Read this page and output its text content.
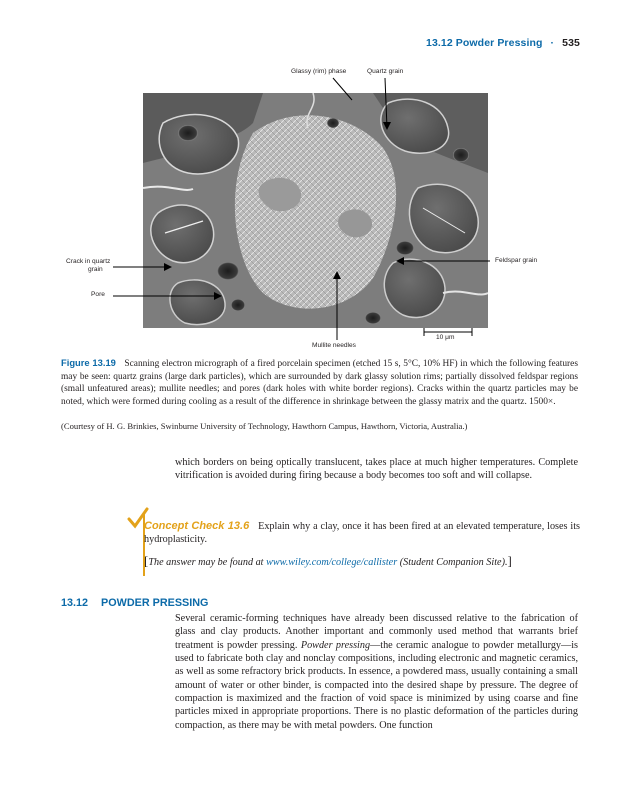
13.12 Powder Pressing · 535
Glassy (rim) phase	Quartz grain
Feldspar grain
Crack in quartz
grain
Pore
Mullite needles
10 μm
Figure 13.19 Scanning electron micrograph of a fired porcelain specimen (etched 15 s, 5°C, 10% HF) in which the following features may be seen: quartz grains (large dark particles), which are surrounded by dark glassy solution rims; partially dissolved feldspar regions (small unfeatured areas); mullite needles; and pores (dark holes with white border regions). Cracks within the quartz particles may be noted, which were formed during cooling as a result of the difference in shrinkage between the glassy matrix and the quartz. 1500×.
(Courtesy of H. G. Brinkies, Swinburne University of Technology, Hawthorn Campus, Hawthorn, Victoria, Australia.)
which borders on being optically translucent, takes place at much higher temperatures. Complete vitrification is avoided during firing because a body becomes too soft and will collapse.
Concept Check 13.6 Explain why a clay, once it has been fired at an elevated temperature, loses its hydroplasticity.
[The answer may be found at www.wiley.com/college/callister (Student Companion Site).]
13.12 POWDER PRESSING
Several ceramic-forming techniques have already been discussed relative to the fabrication of glass and clay products. Another important and commonly used method that warrants brief treatment is powder pressing. Powder pressing—the ceramic analogue to powder metallurgy—is used to fabricate both clay and nonclay compositions, including electronic and magnetic ceramics, as well as some refractory brick products. In essence, a powdered mass, usually containing a small amount of water or other binder, is compacted into the desired shape by pressure. The degree of compaction is maximized and the fraction of void space is minimized by using coarse and fine particles mixed in appropriate proportions. There is no plastic deformation of the particles during compaction, as there may be with metal powders. One function
